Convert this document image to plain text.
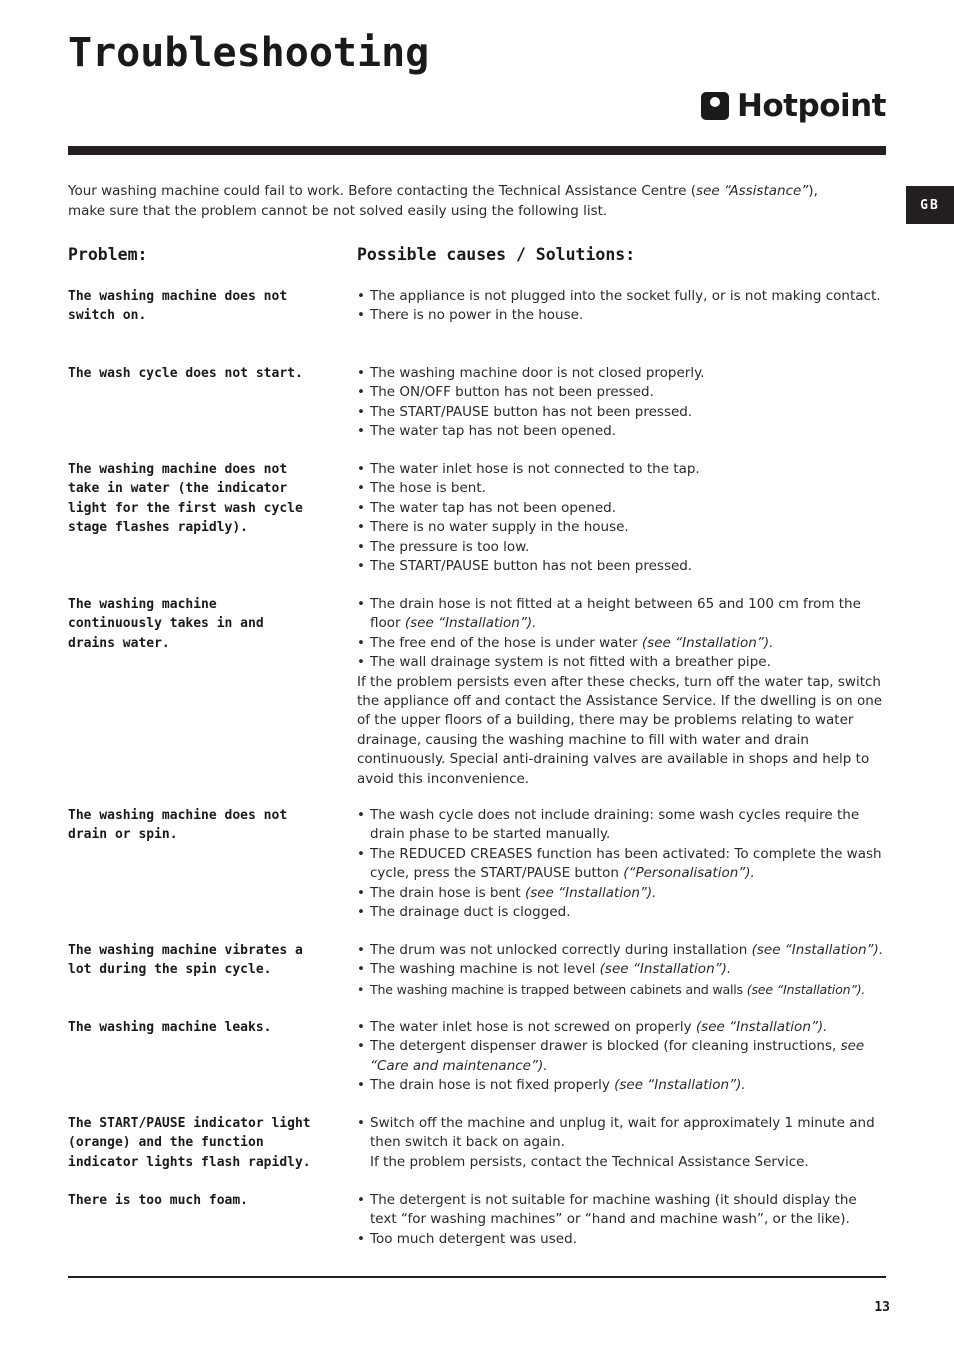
Troubleshooting
Hotpoint
GB

Your washing machine could fail to work. Before contacting the Technical Assistance Centre (see “Assistance”), make sure that the problem cannot be not solved easily using the following list.

Problem:	Possible causes / Solutions:

The washing machine does not
switch on.

• The appliance is not plugged into the socket fully, or is not making contact.
• There is no power in the house.

The wash cycle does not start.	• The washing machine door is not closed properly.
• The ON/OFF button has not been pressed.
• The START/PAUSE button has not been pressed.
• The water tap has not been opened.

The washing machine does not
take in water (the indicator
light for the first wash cycle
stage flashes rapidly).

• The water inlet hose is not connected to the tap.
• The hose is bent.
• The water tap has not been opened.
• There is no water supply in the house.
• The pressure is too low.
• The START/PAUSE button has not been pressed.

The washing machine
continuously takes in and
drains water.

• The drain hose is not fitted at a height between 65 and 100 cm from the floor (see “Installation”).
• The free end of the hose is under water (see “Installation”).
• The wall drainage system is not fitted with a breather pipe.
If the problem persists even after these checks, turn off the water tap, switch the appliance off and contact the Assistance Service. If the dwelling is on one of the upper floors of a building, there may be problems relating to water drainage, causing the washing machine to fill with water and drain continuously. Special anti-draining valves are available in shops and help to avoid this inconvenience.

The washing machine does not
drain or spin.

• The wash cycle does not include draining: some wash cycles require the drain phase to be started manually.
• The REDUCED CREASES function has been activated: To complete the wash cycle, press the START/PAUSE button (“Personalisation”).
• The drain hose is bent (see “Installation”).
• The drainage duct is clogged.

The washing machine vibrates a
lot during the spin cycle.

• The drum was not unlocked correctly during installation (see “Installation”).
• The washing machine is not level (see “Installation”).
• The washing machine is trapped between cabinets and walls (see “Installation”).

The washing machine leaks.	• The water inlet hose is not screwed on properly (see “Installation”).
• The detergent dispenser drawer is blocked (for cleaning instructions, see “Care and maintenance”).
• The drain hose is not fixed properly (see “Installation”).

The START/PAUSE indicator light
(orange) and the function
indicator lights flash rapidly.

• Switch off the machine and unplug it, wait for approximately 1 minute and then switch it back on again.
If the problem persists, contact the Technical Assistance Service.

There is too much foam.	• The detergent is not suitable for machine washing (it should display the text “for washing machines” or “hand and machine wash”, or the like).
• Too much detergent was used.
13
